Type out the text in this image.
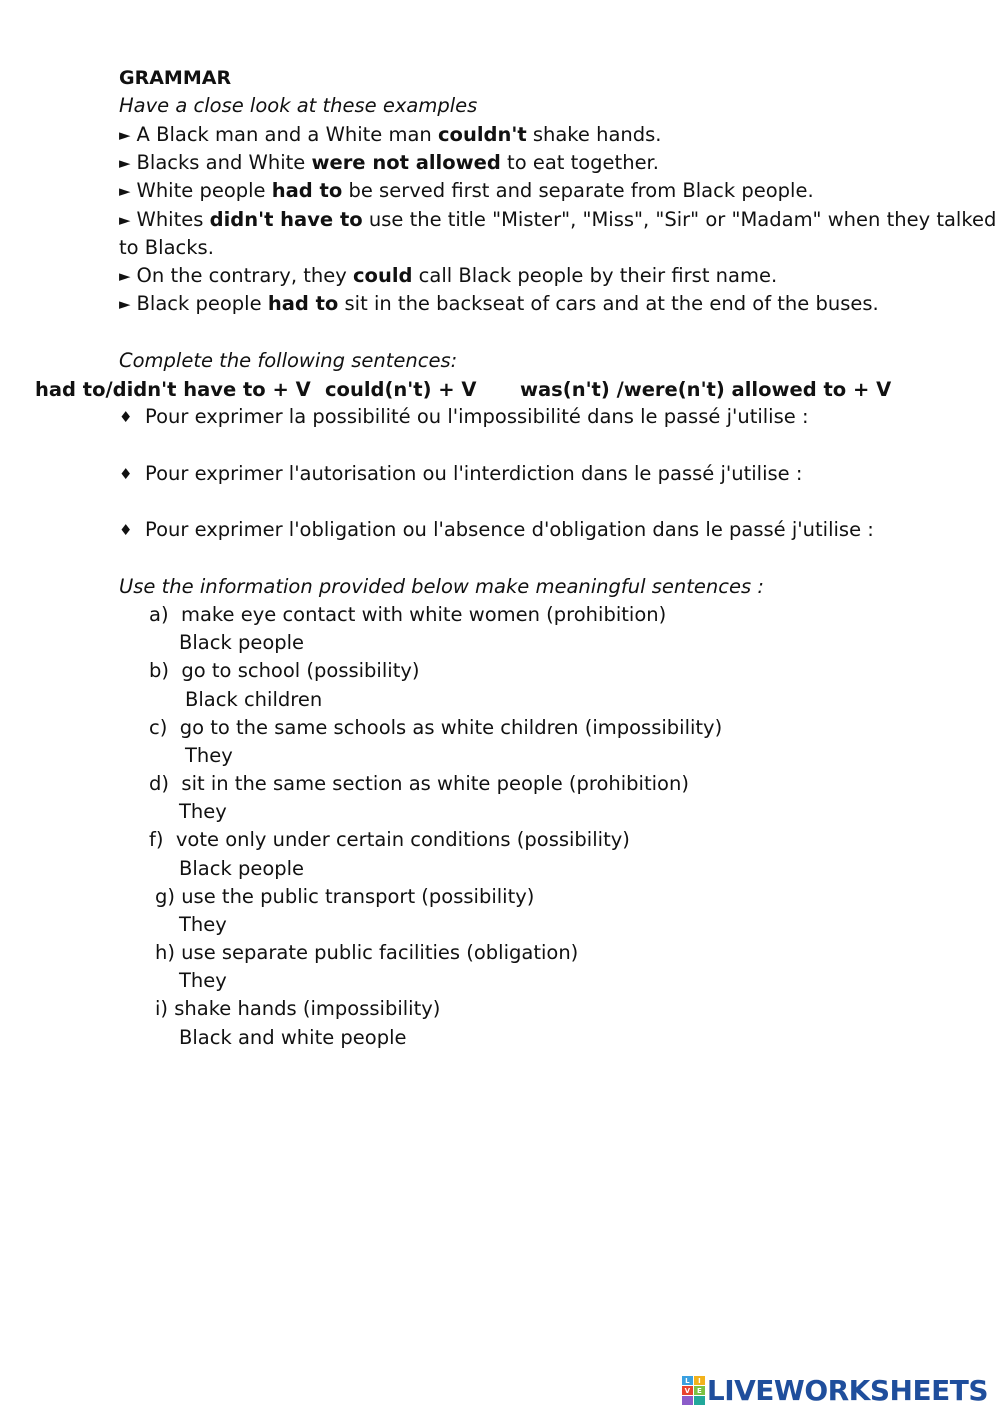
GRAMMAR
Have a close look at these examples
► A Black man and a White man couldn't shake hands.
► Blacks and White were not allowed to eat together.
► White people had to be served first and separate from Black people.
► Whites didn't have to use the title "Mister", "Miss", "Sir" or "Madam" when they talked
to Blacks.
► On the contrary, they could call Black people by their first name.
► Black people had to sit in the backseat of cars and at the end of the buses.
Complete the following sentences:
had to/didn't have to + V could(n't) + V was(n't) /were(n't) allowed to + V
♦ Pour exprimer la possibilité ou l'impossibilité dans le passé j'utilise :
♦ Pour exprimer l'autorisation ou l'interdiction dans le passé j'utilise :
♦ Pour exprimer l'obligation ou l'absence d'obligation dans le passé j'utilise :
Use the information provided below make meaningful sentences :
a) make eye contact with white women (prohibition)
Black people
b) go to school (possibility)
Black children
c) go to the same schools as white children (impossibility)
They
d) sit in the same section as white people (prohibition)
They
f) vote only under certain conditions (possibility)
Black people
g) use the public transport (possibility)
They
h) use separate public facilities (obligation)
They
i) shake hands (impossibility)
Black and white people
L	I
V E LIVEWORKSHEETS
